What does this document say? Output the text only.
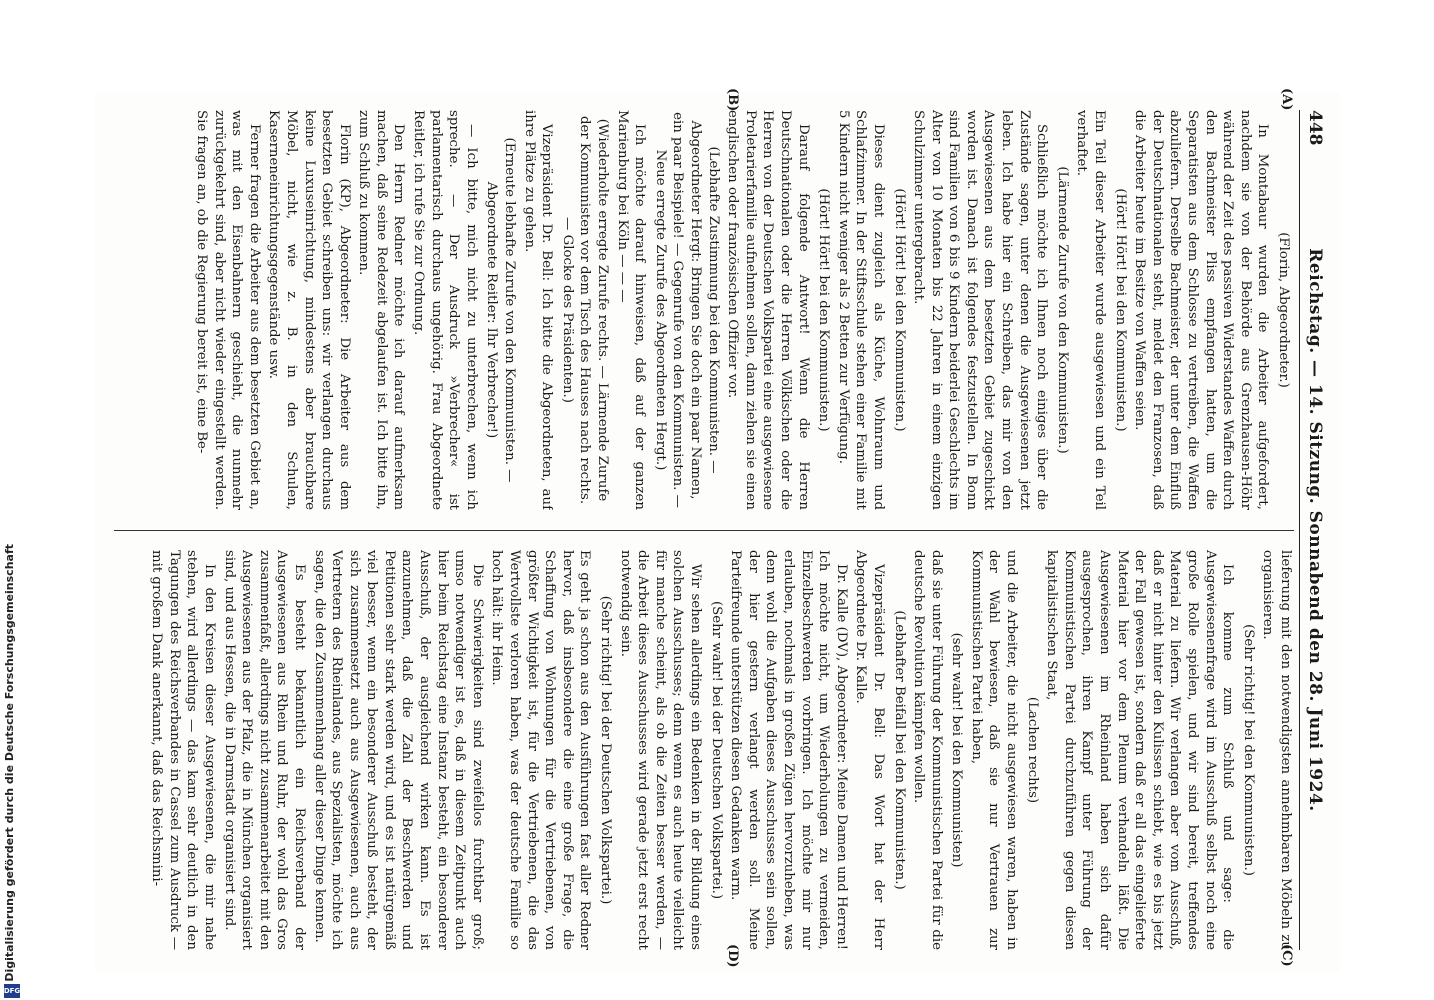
Digitalisierung gefördert durch die Deutsche Forschungsgemeinschaft
DFG
448
Reichstag. — 14. Sitzung. Sonnabend den 28. Juni 1924.
(A)
(B)
(C)
(D)

(Florin, Abgeordneter.)

In Montabaur wurden die Arbeiter aufgefordert, nachdem sie von der Behörde aus Grenzhausen-Höhr während der Zeit des passiven Widerstandes Waffen durch den Bachmeister Pliss empfangen hatten, um die Separatisten aus dem Schlosse zu vertreiben, die Waffen abzuliefern. Derselbe Bachmeister, der unter dem Einfluß der Deutschnationalen steht, meldet den Franzosen, daß die Arbeiter heute im Besitze von Waffen seien.

(Hört! Hört! bei den Kommunisten.)

Ein Teil dieser Arbeiter wurde ausgewiesen und ein Teil verhaftet.

(Lärmende Zurufe von den Kommunisten.)

Schließlich möchte ich Ihnen noch einiges über die Zustände sagen, unter denen die Ausgewiesenen jetzt leben. Ich habe hier ein Schreiben, das mir von den Ausgewiesenen aus dem besetzten Gebiet zugeschickt worden ist. Danach ist folgendes festzustellen. In Bonn sind Familien von 6 bis 9 Kindern beiderlei Geschlechts im Alter von 10 Monaten bis 22 Jahren in einem einzigen Schulzimmer untergebracht.

(Hört! Hört! bei den Kommunisten.)

Dieses dient zugleich als Küche, Wohnraum und Schlafzimmer. In der Stiftsschule stehen einer Familie mit 5 Kindern nicht weniger als 2 Betten zur Verfügung.

(Hört! Hört! bei den Kommunisten.)

Darauf folgende Antwort! Wenn die Herren Deutschnationalen oder die Herren Völkischen oder die Herren von der Deutschen Volkspartei eine ausgewiesene Proletarierfamilie aufnehmen sollen, dann ziehen sie einen englischen oder französischen Offizier vor.

(Lebhafte Zustimmung bei den Kommunisten. — Abgeordneter Hergt: Bringen Sie doch ein paar Namen, ein paar Beispiele! — Gegenrufe von den Kommunisten. — Neue erregte Zurufe des Abgeordneten Hergt.)

Ich möchte darauf hinweisen, daß auf der ganzen Marienburg bei Köln — — —

(Wiederholte erregte Zurufe rechts. — Lärmende Zurufe der Kommunisten vor dem Tisch des Hauses nach rechts. — Glocke des Präsidenten.)

Vizepräsident Dr. Bell: Ich bitte die Abgeordneten, auf ihre Plätze zu gehen.

(Erneute lebhafte Zurufe von den Kommunisten. — Abgeordnete Reitler: Ihr Verbrecher!)

— Ich bitte, mich nicht zu unterbrechen, wenn ich spreche. — Der Ausdruck »Verbrecher« ist parlamentarisch durchaus ungehörig. Frau Abgeordnete Reitler, ich rufe Sie zur Ordnung.

Den Herrn Redner möchte ich darauf aufmerksam machen, daß seine Redezeit abgelaufen ist. Ich bitte ihn, zum Schluß zu kommen.

Florin (KP), Abgeordneter: Die Arbeiter aus dem besetzten Gebiet schreiben uns: wir verlangen durchaus keine Luxuseinrichtung, mindestens aber brauchbare Möbel, nicht, wie z. B. in den Schulen, Kaserneneinrichtungsgegenstände usw.

Ferner fragen die Arbeiter aus dem besetzten Gebiet an, was mit den Eisenbahnern geschieht, die nunmehr zurückgekehrt sind, aber nicht wieder eingestellt werden. Sie fragen an, ob die Regierung bereit ist, eine Be-

lieferung mit den notwendigsten annehmbaren Möbeln zu organisieren.

(Sehr richtig! bei den Kommunisten.)

Ich komme zum Schluß und sage: die Ausgewiesenenfrage wird im Ausschuß selbst noch eine große Rolle spielen, und wir sind bereit, treffendes Material zu liefern. Wir verlangen aber vom Ausschuß, daß er nicht hinter den Kulissen schiebt, wie es bis jetzt der Fall gewesen ist, sondern daß er all das eingelieferte Material hier vor dem Plenum verhandeln läßt. Die Ausgewiesenen im Rheinland haben sich dafür ausgesprochen, ihren Kampf unter Führung der Kommunistischen Partei durchzuführen gegen diesen kapitalistischen Staat,

(Lachen rechts)

und die Arbeiter, die nicht ausgewiesen waren, haben in der Wahl bewiesen, daß sie nur Vertrauen zur Kommunistischen Partei haben,

(sehr wahr! bei den Kommunisten)

daß sie unter Führung der Kommunistischen Partei für die deutsche Revolution kämpfen wollen.

(Lebhafter Beifall bei den Kommunisten.)

Vizepräsident Dr. Bell: Das Wort hat der Herr Abgeordnete Dr. Kalle.

Dr. Kalle (DV), Abgeordneter: Meine Damen und Herren! Ich möchte nicht, um Wiederholungen zu vermeiden, Einzelbeschwerden vorbringen. Ich möchte mir nur erlauben, nochmals in großen Zügen hervorzuheben, was denn wohl die Aufgaben dieses Ausschusses sein sollen, der hier gestern verlangt werden soll. Meine Parteifreunde unterstützen diesen Gedanken warm.

(Sehr wahr! bei der Deutschen Volkspartei.)

Wir sehen allerdings ein Bedenken in der Bildung eines solchen Ausschusses; denn wenn es auch heute vielleicht für manche scheint, als ob die Zeiten besser werden, — die Arbeit dieses Ausschusses wird gerade jetzt erst recht notwendig sein.

(Sehr richtig! bei der Deutschen Volkspartei.)

Es geht ja schon aus den Ausführungen fast aller Redner hervor, daß insbesondere die eine große Frage, die Schaffung von Wohnungen für die Vertriebenen, von größter Wichtigkeit ist, für die Vertriebenen, die das Wertvollste verloren haben, was der deutsche Familie so hoch hält: ihr Heim.

Die Schwierigkeiten sind zweifellos furchtbar groß; umso notwendiger ist es, daß in diesem Zeitpunkt auch hier beim Reichstag eine Instanz besteht, ein besonderer Ausschuß, der ausgleichend wirken kann. Es ist anzunehmen, daß die Zahl der Beschwerden und Petitionen sehr stark werden wird, und es ist natürgemäß viel besser, wenn ein besonderer Ausschuß besteht, der sich zusammensetzt auch aus Ausgewiesenen, auch aus Vertretern des Rheinlandes, aus Spezialisten, möchte ich sagen, die den Zusammenhang aller dieser Dinge kennen.

Es besteht bekanntlich ein Reichsverband der Ausgewiesenen aus Rhein und Ruhr, der wohl das Gros zusammenfaßt, allerdings nicht zusammenarbeitet mit den Ausgewiesenen aus der Pfalz, die in München organisiert sind, und aus Hessen, die in Darmstadt organisiert sind.

In den Kreisen dieser Ausgewiesenen, die mir nahe stehen, wird allerdings — das kam sehr deutlich in den Tagungen des Reichsverbandes in Cassel zum Ausdruck — mit großem Dank anerkannt, daß das Reichsmini-
